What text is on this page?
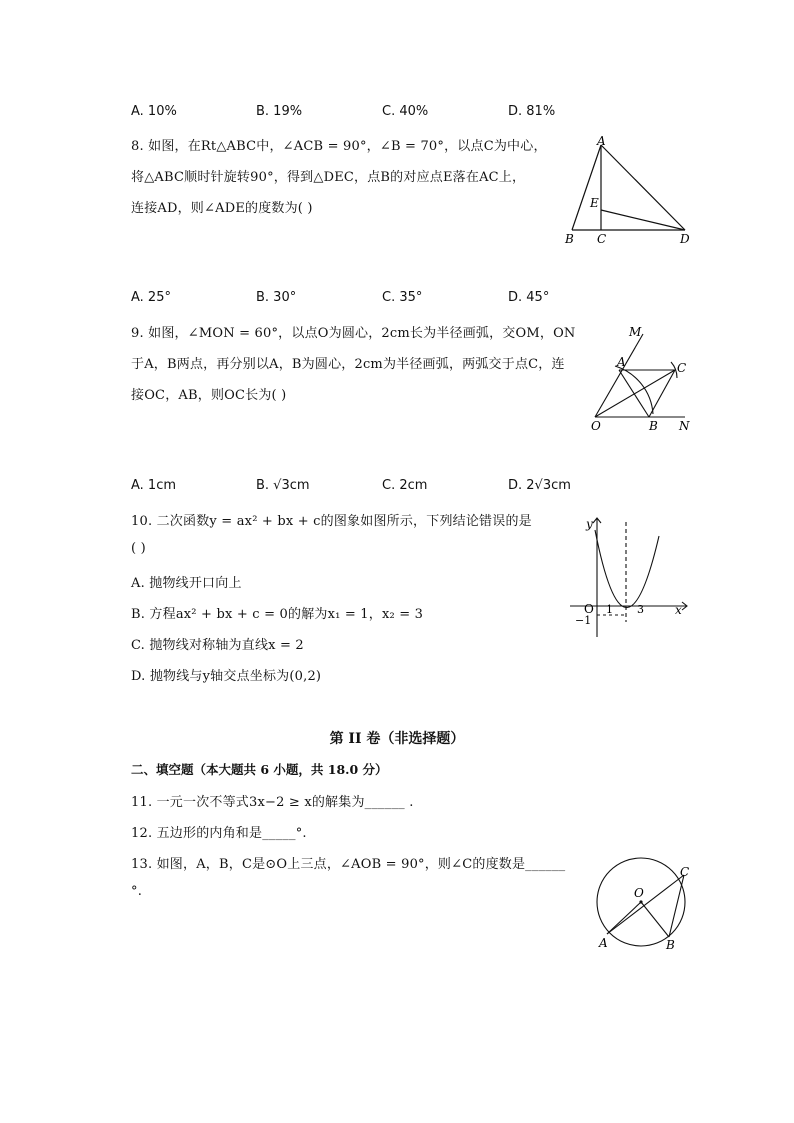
A. 10%	B. 19%	C. 40%	D. 81%
8. 如图，在Rt△ABC中，∠ACB = 90°，∠B = 70°，以点C为中心，
将△ABC顺时针旋转90°，得到△DEC，点B的对应点E落在AC上，
连接AD，则∠ADE的度数为( )
A
E
B C	D
A. 25°	B. 30°	C. 35°	D. 45°
9. 如图，∠MON = 60°，以点O为圆心，2cm长为半径画弧，交OM，ON
于A，B两点，再分别以A，B为圆心，2cm为半径画弧，两弧交于点C，连
接OC，AB，则OC长为( )
M
A	C
O	B N
A. 1cm	B. √3cm	C. 2cm	D. 2√3cm
10. 二次函数y = ax² + bx + c的图象如图所示，下列结论错误的是
( )
A. 抛物线开口向上
B. 方程ax² + bx + c = 0的解为x₁ = 1，x₂ = 3
C. 抛物线对称轴为直线x = 2
D. 抛物线与y轴交点坐标为(0,2)
y
x
O 1 3
−1
第 II 卷（非选择题）
二、填空题（本大题共 6 小题，共 18.0 分）
11. 一元一次不等式3x−2 ≥ x的解集为______ .
12. 五边形的内角和是_____°.
13. 如图，A，B，C是⊙O上三点，∠AOB = 90°，则∠C的度数是______
°.	O
A	B
C
